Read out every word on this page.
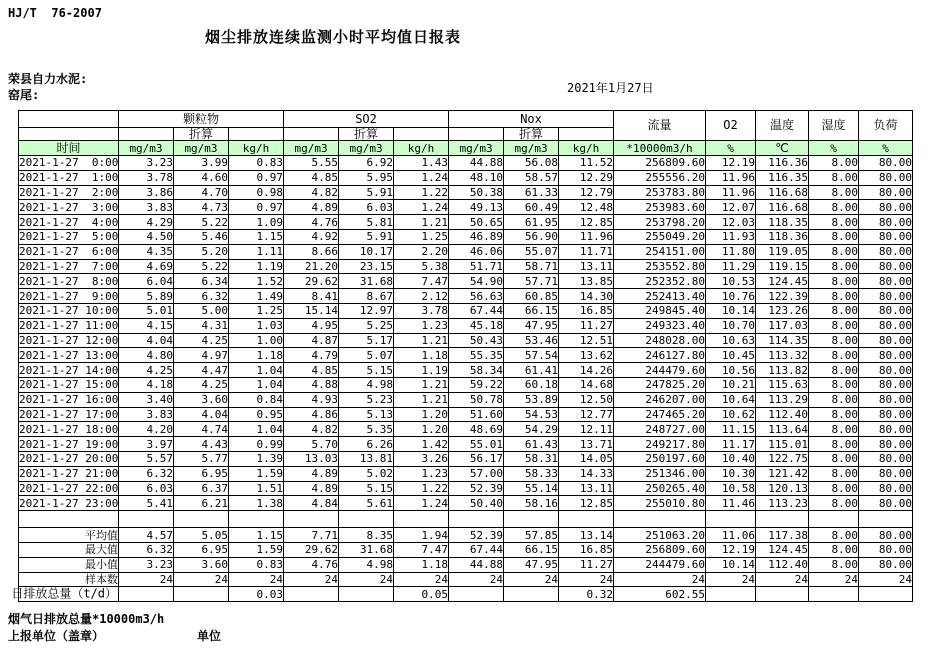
HJ/T  76-2007
烟尘排放连续监测小时平均值日报表
荣县自力水泥:
窑尾:	2021年1月27日
	颗粒物			SO2			Nox			流量	O2	温度	湿度	负荷
		折算			折算			折算						
时间	mg/m3	mg/m3	kg/h	mg/m3	mg/m3	kg/h	mg/m3	mg/m3	kg/h	*10000m3/h	%	℃	%	%
2021-1-27  0:00	3.23	3.99	0.83	5.55	6.92	1.43	44.88	56.08	11.52	256809.60	12.19	116.36	8.00	80.00
2021-1-27  1:00	3.78	4.60	0.97	4.85	5.95	1.24	48.10	58.57	12.29	255556.20	11.96	116.35	8.00	80.00
2021-1-27  2:00	3.86	4.70	0.98	4.82	5.91	1.22	50.38	61.33	12.79	253783.80	11.96	116.68	8.00	80.00
2021-1-27  3:00	3.83	4.73	0.97	4.89	6.03	1.24	49.13	60.49	12.48	253983.60	12.07	116.68	8.00	80.00
2021-1-27  4:00	4.29	5.22	1.09	4.76	5.81	1.21	50.65	61.95	12.85	253798.20	12.03	118.35	8.00	80.00
2021-1-27  5:00	4.50	5.46	1.15	4.92	5.91	1.25	46.89	56.90	11.96	255049.20	11.93	118.36	8.00	80.00
2021-1-27  6:00	4.35	5.20	1.11	8.66	10.17	2.20	46.06	55.07	11.71	254151.00	11.80	119.05	8.00	80.00
2021-1-27  7:00	4.69	5.22	1.19	21.20	23.15	5.38	51.71	58.71	13.11	253552.80	11.29	119.15	8.00	80.00
2021-1-27  8:00	6.04	6.34	1.52	29.62	31.68	7.47	54.90	57.71	13.85	252352.80	10.53	124.45	8.00	80.00
2021-1-27  9:00	5.89	6.32	1.49	8.41	8.67	2.12	56.63	60.85	14.30	252413.40	10.76	122.39	8.00	80.00
2021-1-27 10:00	5.01	5.00	1.25	15.14	12.97	3.78	67.44	66.15	16.85	249845.40	10.14	123.26	8.00	80.00
2021-1-27 11:00	4.15	4.31	1.03	4.95	5.25	1.23	45.18	47.95	11.27	249323.40	10.70	117.03	8.00	80.00
2021-1-27 12:00	4.04	4.25	1.00	4.87	5.17	1.21	50.43	53.46	12.51	248028.00	10.63	114.35	8.00	80.00
2021-1-27 13:00	4.80	4.97	1.18	4.79	5.07	1.18	55.35	57.54	13.62	246127.80	10.45	113.32	8.00	80.00
2021-1-27 14:00	4.25	4.47	1.04	4.85	5.15	1.19	58.34	61.41	14.26	244479.60	10.56	113.82	8.00	80.00
2021-1-27 15:00	4.18	4.25	1.04	4.88	4.98	1.21	59.22	60.18	14.68	247825.20	10.21	115.63	8.00	80.00
2021-1-27 16:00	3.40	3.60	0.84	4.93	5.23	1.21	50.78	53.89	12.50	246207.00	10.64	113.29	8.00	80.00
2021-1-27 17:00	3.83	4.04	0.95	4.86	5.13	1.20	51.60	54.53	12.77	247465.20	10.62	112.40	8.00	80.00
2021-1-27 18:00	4.20	4.74	1.04	4.82	5.35	1.20	48.69	54.29	12.11	248727.00	11.15	113.64	8.00	80.00
2021-1-27 19:00	3.97	4.43	0.99	5.70	6.26	1.42	55.01	61.43	13.71	249217.80	11.17	115.01	8.00	80.00
2021-1-27 20:00	5.57	5.77	1.39	13.03	13.81	3.26	56.17	58.31	14.05	250197.60	10.40	122.75	8.00	80.00
2021-1-27 21:00	6.32	6.95	1.59	4.89	5.02	1.23	57.00	58.33	14.33	251346.00	10.30	121.42	8.00	80.00
2021-1-27 22:00	6.03	6.37	1.51	4.89	5.15	1.22	52.39	55.14	13.11	250265.40	10.58	120.13	8.00	80.00
2021-1-27 23:00	5.41	6.21	1.38	4.84	5.61	1.24	50.40	58.16	12.85	255010.80	11.46	113.23	8.00	80.00

平均值	4.57	5.05	1.15	7.71	8.35	1.94	52.39	57.85	13.14	251063.20	11.06	117.38	8.00	80.00
最大值	6.32	6.95	1.59	29.62	31.68	7.47	67.44	66.15	16.85	256809.60	12.19	124.45	8.00	80.00
最小值	3.23	3.60	0.83	4.76	4.98	1.18	44.88	47.95	11.27	244479.60	10.14	112.40	8.00	80.00
样本数	24	24	24	24	24	24	24	24	24	24	24	24	24	24

日排放总量（t/d）			0.03			0.05			0.32	602.55				
烟气日排放总量*10000m3/h
上报单位（盖章）	单位
